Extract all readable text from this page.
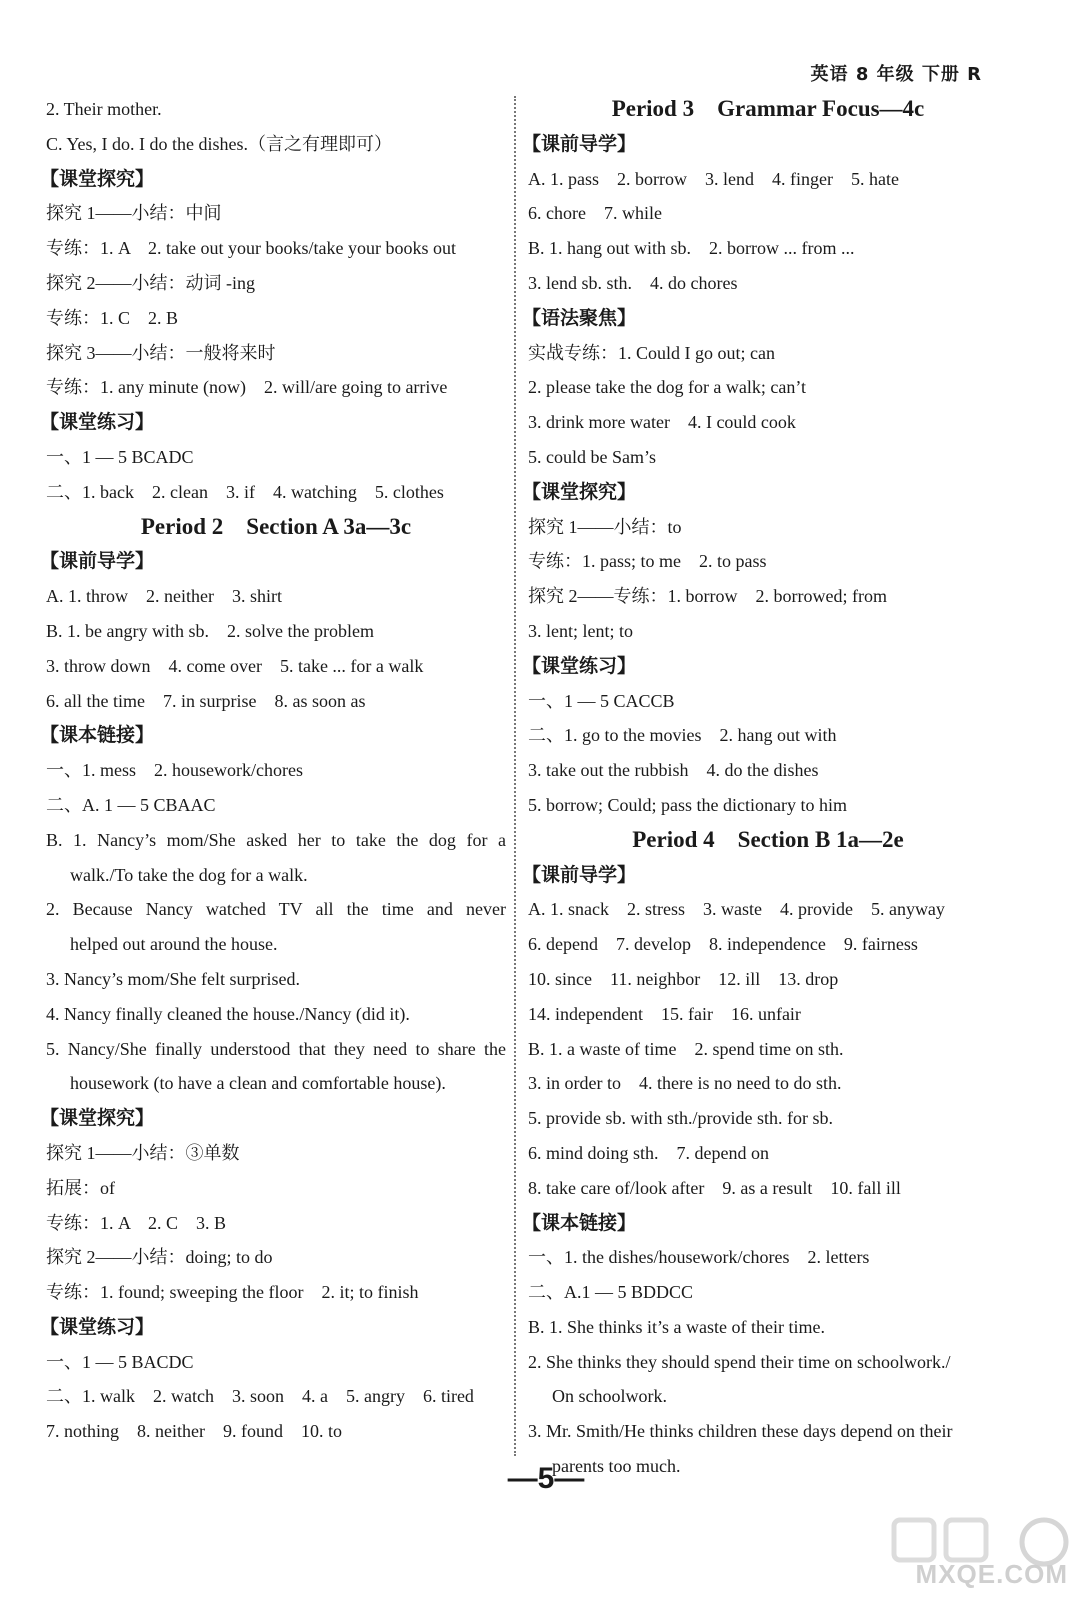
英语 8 年级 下册 R
2. Their mother.
C. Yes, I do. I do the dishes.（言之有理即可）
【课堂探究】
探究 1——小结：中间
专练：1. A　2. take out your books/take your books out
探究 2——小结：动词 -ing
专练：1. C　2. B
探究 3——小结：一般将来时
专练：1. any minute (now)　2. will/are going to arrive
【课堂练习】
一、1 — 5 BCADC
二、1. back　2. clean　3. if　4. watching　5. clothes
Period 2　Section A 3a—3c
【课前导学】
A. 1. throw　2. neither　3. shirt
B. 1. be angry with sb.　2. solve the problem
3. throw down　4. come over　5. take ... for a walk
6. all the time　7. in surprise　8. as soon as
【课本链接】
一、1. mess　2. housework/chores
二、A. 1 — 5 CBAAC
B. 1. Nancy’s mom/She asked her to take the dog for a
walk./To take the dog for a walk.
2. Because Nancy watched TV all the time and never
helped out around the house.
3. Nancy’s mom/She felt surprised.
4. Nancy finally cleaned the house./Nancy (did it).
5. Nancy/She finally understood that they need to share the
housework (to have a clean and comfortable house).
【课堂探究】
探究 1——小结：③单数
拓展：of
专练：1. A　2. C　3. B
探究 2——小结：doing; to do
专练：1. found; sweeping the floor　2. it; to finish
【课堂练习】
一、1 — 5 BACDC
二、1. walk　2. watch　3. soon　4. a　5. angry　6. tired
7. nothing　8. neither　9. found　10. to
Period 3　Grammar Focus—4c
【课前导学】
A. 1. pass　2. borrow　3. lend　4. finger　5. hate
6. chore　7. while
B. 1. hang out with sb.　2. borrow ... from ...
3. lend sb. sth.　4. do chores
【语法聚焦】
实战专练：1. Could I go out; can
2. please take the dog for a walk; can’t
3. drink more water　4. I could cook
5. could be Sam’s
【课堂探究】
探究 1——小结：to
专练：1. pass; to me　2. to pass
探究 2——专练：1. borrow　2. borrowed; from
3. lent; lent; to
【课堂练习】
一、1 — 5 CACCB
二、1. go to the movies　2. hang out with
3. take out the rubbish　4. do the dishes
5. borrow; Could; pass the dictionary to him
Period 4　Section B 1a—2e
【课前导学】
A. 1. snack　2. stress　3. waste　4. provide　5. anyway
6. depend　7. develop　8. independence　9. fairness
10. since　11. neighbor　12. ill　13. drop
14. independent　15. fair　16. unfair
B. 1. a waste of time　2. spend time on sth.
3. in order to　4. there is no need to do sth.
5. provide sb. with sth./provide sth. for sb.
6. mind doing sth.　7. depend on
8. take care of/look after　9. as a result　10. fall ill
【课本链接】
一、1. the dishes/housework/chores　2. letters
二、A.1 — 5 BDDCC
B. 1. She thinks it’s a waste of their time.
2. She thinks they should spend their time on schoolwork./
On schoolwork.
3. Mr. Smith/He thinks children these days depend on their
parents too much.
—5—
MXQE.COM
